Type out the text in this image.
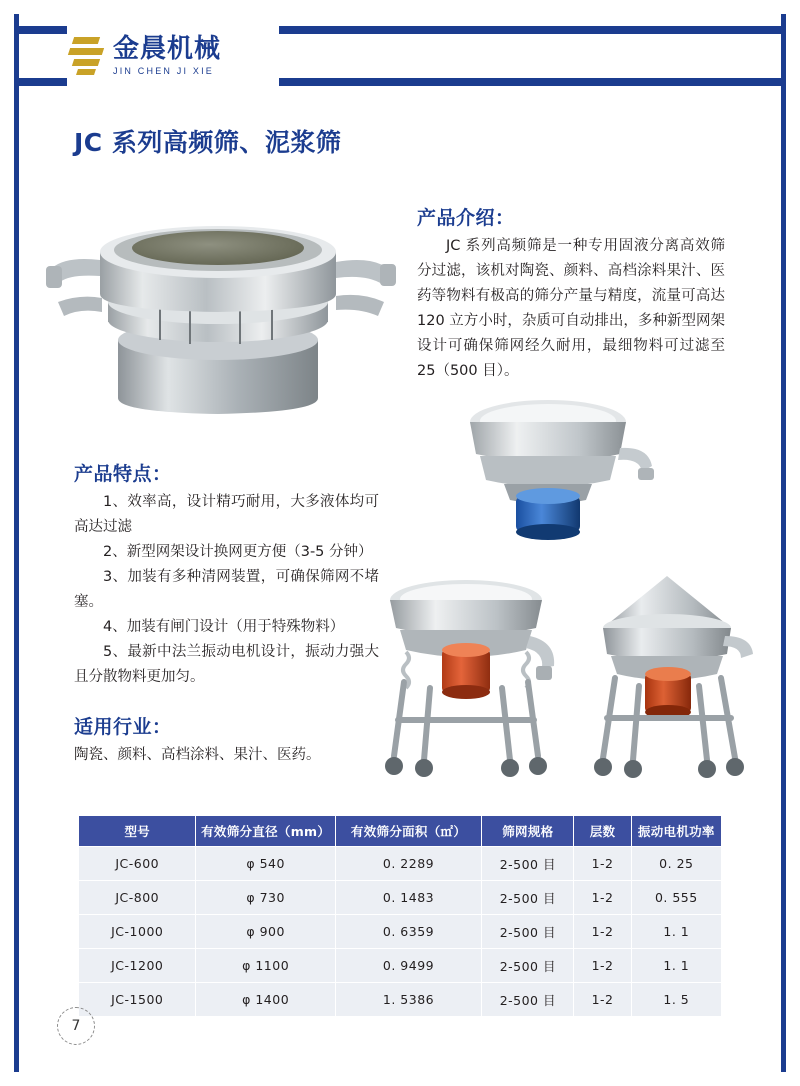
金晨机械
JIN CHEN JI XIE
JC 系列高频筛、泥浆筛
产品介绍：
JC 系列高频筛是一种专用固液分离高效筛分过滤，该机对陶瓷、颜料、高档涂料果汁、医药等物料有极高的筛分产量与精度，流量可高达 120 立方小时，杂质可自动排出，多种新型网架设计可确保筛网经久耐用，最细物料可过滤至 25（500 目）。
产品特点：

1、效率高，设计精巧耐用，大多液体均可高达过滤

2、新型网架设计换网更方便（3-5 分钟）

3、加装有多种清网装置，可确保筛网不堵塞。

4、加装有闸门设计（用于特殊物料）

5、最新中法兰振动电机设计，振动力强大且分散物料更加匀。

适用行业：
陶瓷、颜料、高档涂料、果汁、医药。
型号	有效筛分直径（mm）	有效筛分面积（㎡）	筛网规格	层数	振动电机功率
JC-600	φ 540	0. 2289	2-500 目	1-2	0. 25
JC-800	φ 730	0. 1483	2-500 目	1-2	0. 555
JC-1000	φ 900	0. 6359	2-500 目	1-2	1. 1
JC-1200	φ 1100	0. 9499	2-500 目	1-2	1. 1
JC-1500	φ 1400	1. 5386	2-500 目	1-2	1. 5
7
